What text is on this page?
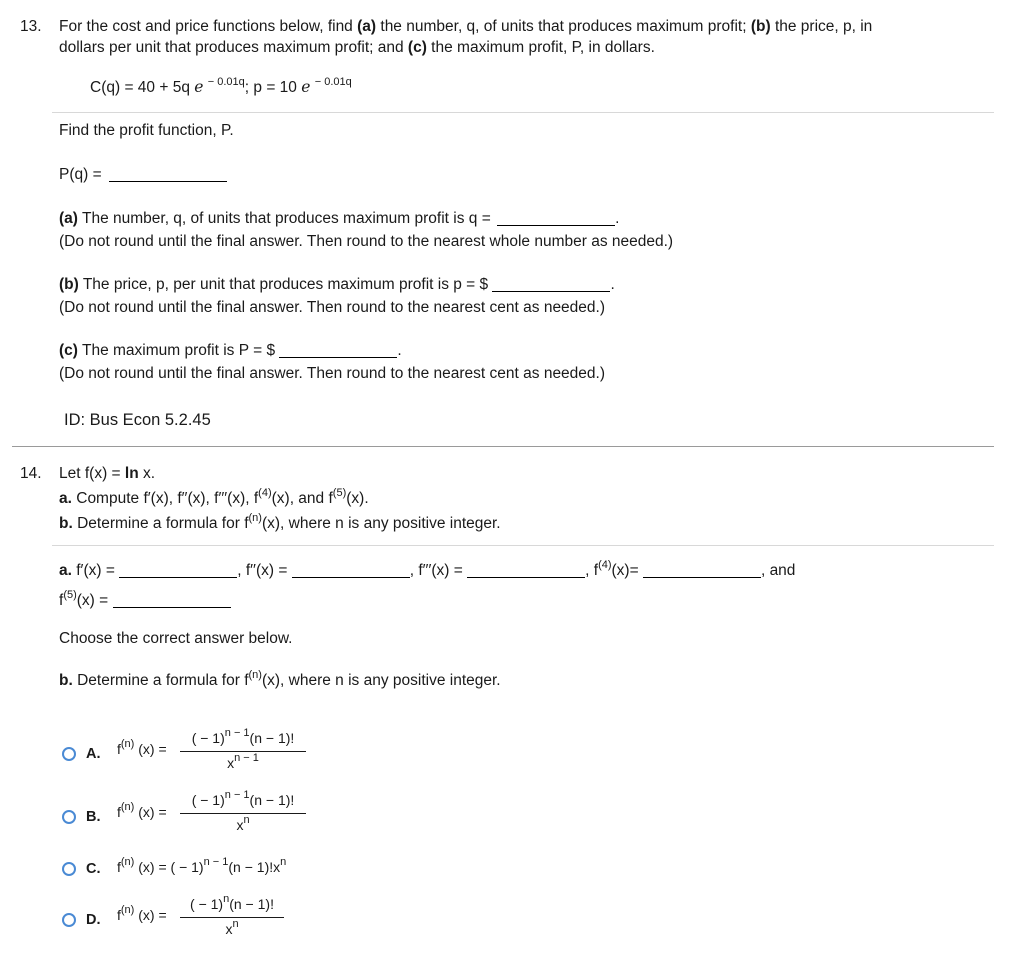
13. For the cost and price functions below, find (a) the number, q, of units that produces maximum profit; (b) the price, p, in
dollars per unit that produces maximum profit; and (c) the maximum profit, P, in dollars.
C(q) = 40 + 5q e $^{- 0.01q}$; p = 10 e $^{- 0.01q}$
Find the profit function, P.
P(q) =
(a) The number, q, of units that produces maximum profit is q =	.
(Do not round until the final answer. Then round to the nearest whole number as needed.)
(b) The price, p, per unit that produces maximum profit is p = $	.
(Do not round until the final answer. Then round to the nearest cent as needed.)
(c) The maximum profit is P = $	.
(Do not round until the final answer. Then round to the nearest cent as needed.)
ID: Bus Econ 5.2.45
14. Let f(x) = ln x.
a. Compute f′(x), f′′(x), f′′′(x), $f^{(4)}(x)$, and $f^{(5)}(x)$.
b. Determine a formula for $f^{(n)}(x)$, where n is any positive integer.
a. f′(x) =	, f′′(x) =	, f′′′(x) =	, $f^{(4)}(x)=$	, and
$f^{(5)}(x)$ =
Choose the correct answer below.
b. Determine a formula for $f^{(n)}(x)$, where n is any positive integer.
A. $f^{(n)}$ (x) =
( − 1)$^{n - 1}$(n − 1)!
$x^{n - 1}$
B. $f^{(n)}$ (x) =
( − 1)$^{n - 1}$(n − 1)!
$x^n$
C. $f^{(n)}$ (x) = ( − $1)^{n - 1}(n - 1)!x^n$
D. $f^{(n)}$ (x) =
( − 1)$^n$(n − 1)!
$x^n$
